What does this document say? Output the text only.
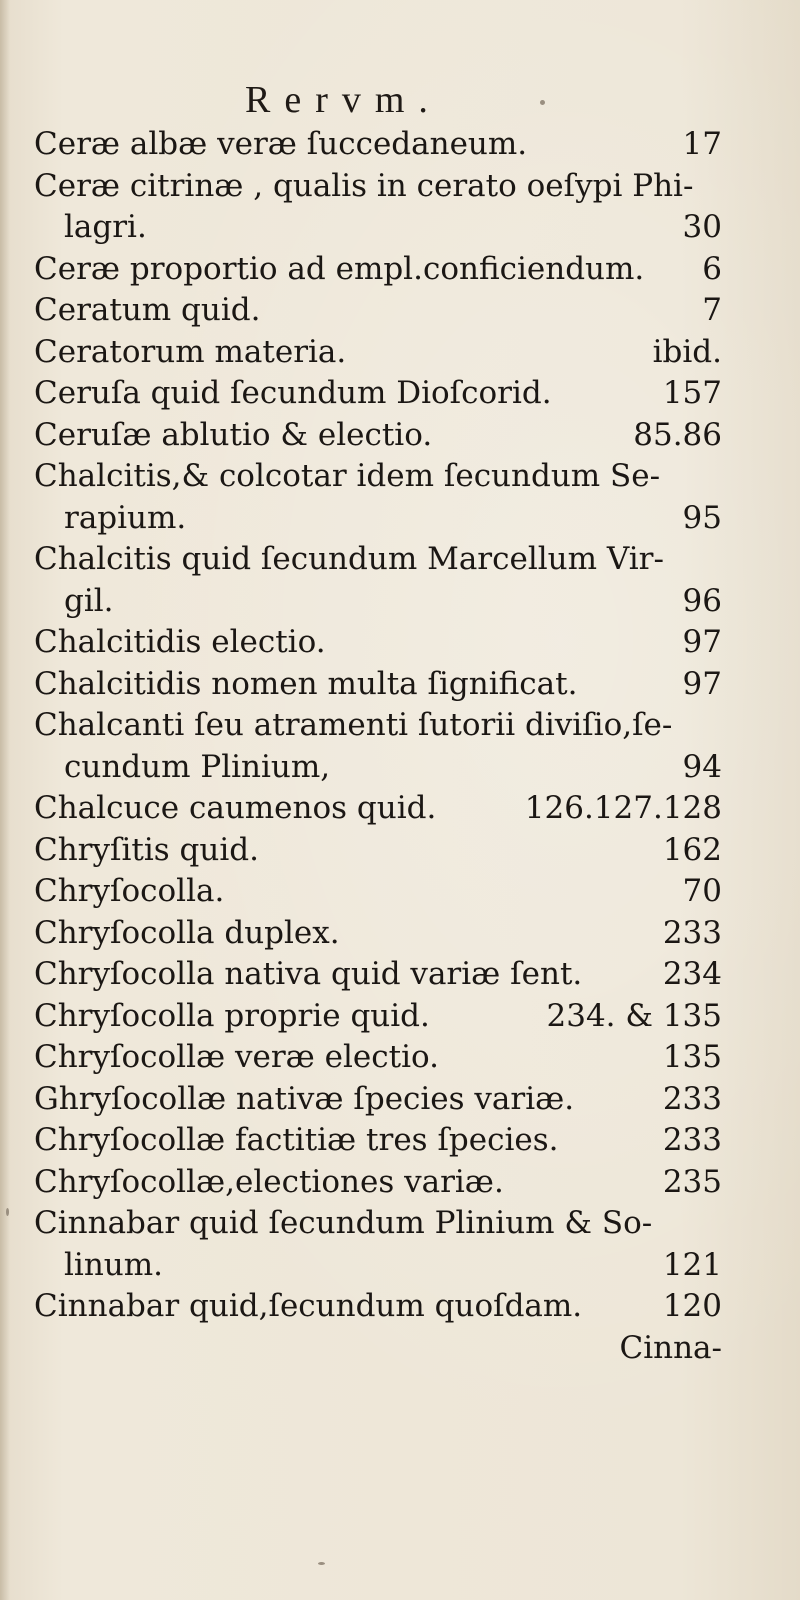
Rervm.
Ceræ albæ veræ ſuccedaneum.	17
Ceræ citrinæ , qualis in cerato oeſypi Phi-
lagri.	30
Ceræ proportio ad empl.conficiendum. 6
Ceratum quid.	7
Ceratorum materia.	ibid.
Ceruſa quid ſecundum Dioſcorid.	157
Ceruſæ ablutio & electio.	85.86
Chalcitis,& colcotar idem ſecundum Se-
rapium.	95
Chalcitis quid ſecundum Marcellum Vir-
gil.	96
Chalcitidis electio.	97
Chalcitidis nomen multa ſignificat.	97
Chalcanti ſeu atramenti ſutorii diviſio,ſe-
cundum Plinium,	94
Chalcuce caumenos quid.	126.127.128
Chryſitis quid.	162
Chryſocolla.	70
Chryſocolla duplex.	233
Chryſocolla nativa quid variæ ſent.	234
Chryſocolla proprie quid.	234. & 135
Chryſocollæ veræ electio.	135
Ghryſocollæ nativæ ſpecies variæ.	233
Chryſocollæ factitiæ tres ſpecies.	233
Chryſocollæ,electiones variæ.	235
Cinnabar quid ſecundum Plinium & So-
linum.	121
Cinnabar quid,ſecundum quoſdam.	120
Cinna-
